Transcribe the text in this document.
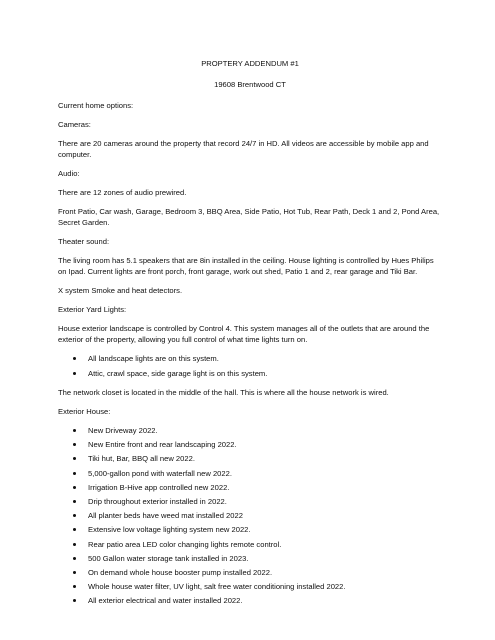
PROPTERY ADDENDUM #1

19608 Brentwood CT

Current home options:

Cameras:

There are 20 cameras around the property that record 24/7 in HD. All videos are accessible by mobile app and computer.

Audio:

There are 12 zones of audio prewired.

Front Patio, Car wash, Garage, Bedroom 3, BBQ Area, Side Patio, Hot Tub, Rear Path, Deck 1 and 2, Pond Area, Secret Garden.

Theater sound:

The living room has 5.1 speakers that are 8in installed in the ceiling. House lighting is controlled by Hues Philips on Ipad. Current lights are front porch, front garage, work out shed, Patio 1 and 2, rear garage and Tiki Bar.

X system Smoke and heat detectors.

Exterior Yard Lights:

House exterior landscape is controlled by Control 4. This system manages all of the outlets that are around the exterior of the property, allowing you full control of what time lights turn on.

All landscape lights are on this system.
Attic, crawl space, side garage light is on this system.

The network closet is located in the middle of the hall. This is where all the house network is wired.

Exterior House:

New Driveway 2022.
New Entire front and rear landscaping 2022.
Tiki hut, Bar, BBQ all new 2022.
5,000-gallon pond with waterfall new 2022.
Irrigation B-Hive app controlled new 2022.
Drip throughout exterior installed in 2022.
All planter beds have weed mat installed 2022
Extensive low voltage lighting system new 2022.
Rear patio area LED color changing lights remote control.
500 Gallon water storage tank installed in 2023.
On demand whole house booster pump installed 2022.
Whole house water filter, UV light, salt free water conditioning installed 2022.
All exterior electrical and water installed 2022.
